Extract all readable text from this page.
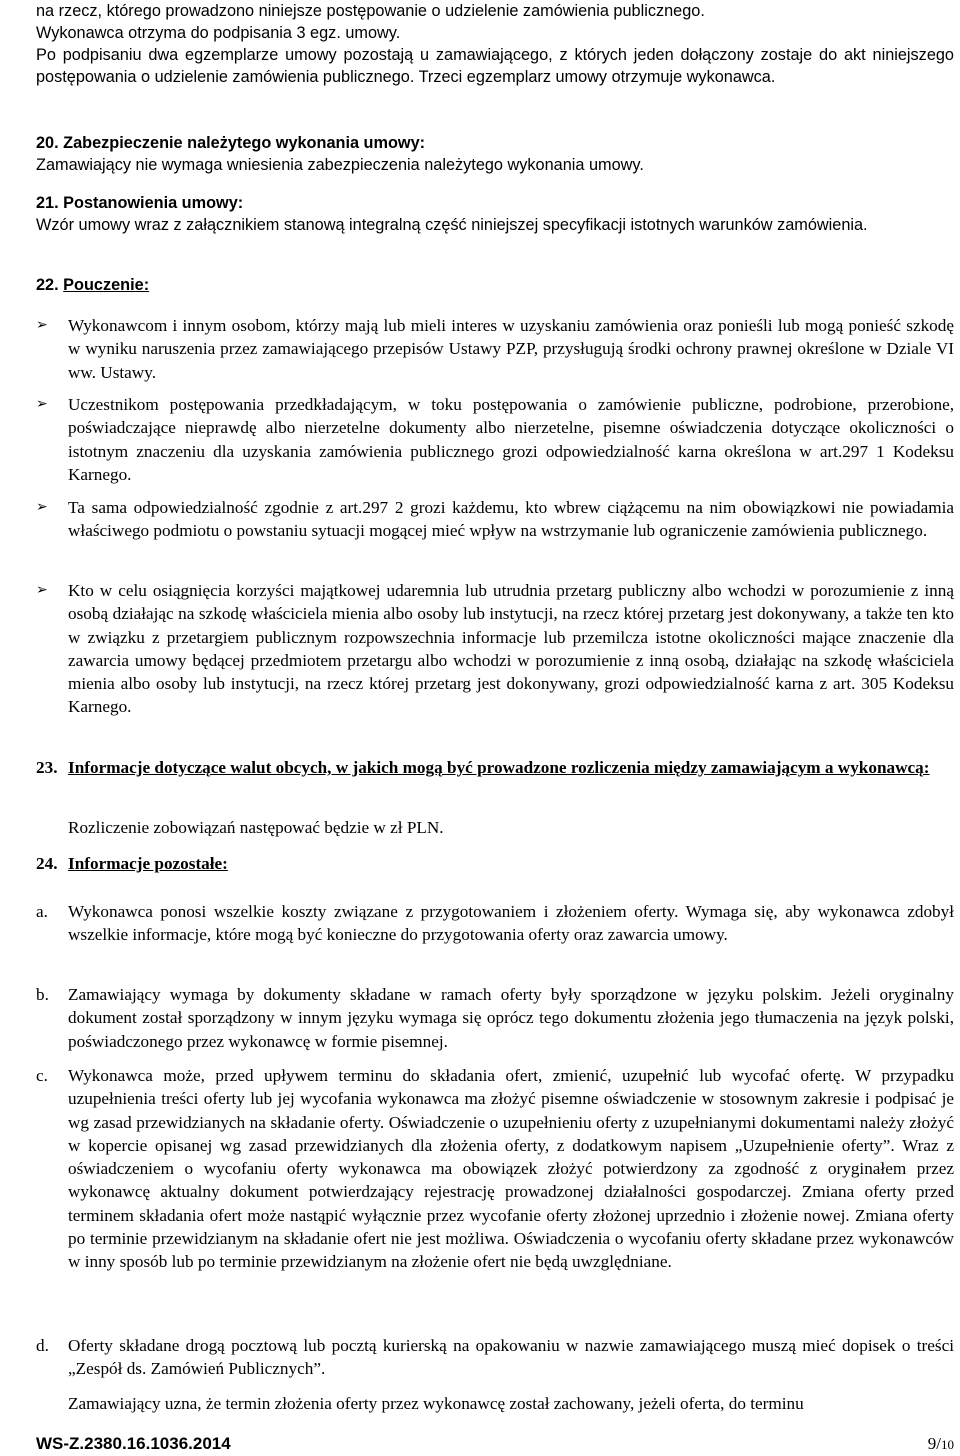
na rzecz, którego prowadzono niniejsze postępowanie o udzielenie zamówienia publicznego.

Wykonawca otrzyma do podpisania 3 egz. umowy.

Po podpisaniu dwa egzemplarze umowy pozostają u zamawiającego, z których jeden dołączony zostaje do akt niniejszego postępowania o udzielenie zamówienia publicznego. Trzeci egzemplarz umowy otrzymuje wykonawca.

20. Zabezpieczenie należytego wykonania umowy:

Zamawiający nie wymaga wniesienia zabezpieczenia należytego wykonania umowy.

21. Postanowienia umowy:

Wzór umowy wraz z załącznikiem stanową integralną część niniejszej specyfikacji istotnych warunków zamówienia.

22. Pouczenie:

➢	Wykonawcom i innym osobom, którzy mają lub mieli interes w uzyskaniu zamówienia oraz ponieśli lub mogą ponieść szkodę w wyniku naruszenia przez zamawiającego przepisów Ustawy PZP, przysługują środki ochrony prawnej określone w Dziale VI ww. Ustawy.

➢	Uczestnikom postępowania przedkładającym, w toku postępowania o zamówienie publiczne, podrobione, przerobione, poświadczające nieprawdę albo nierzetelne dokumenty albo nierzetelne, pisemne oświadczenia dotyczące okoliczności o istotnym znaczeniu dla uzyskania zamówienia publicznego grozi odpowiedzialność karna określona w art.297 1 Kodeksu Karnego.

➢	Ta sama odpowiedzialność zgodnie z art.297 2 grozi każdemu, kto wbrew ciążącemu na nim obowiązkowi nie powiadamia właściwego podmiotu o powstaniu sytuacji mogącej mieć wpływ na wstrzymanie lub ograniczenie zamówienia publicznego.

➢	Kto w celu osiągnięcia korzyści majątkowej udaremnia lub utrudnia przetarg publiczny albo wchodzi w porozumienie z inną osobą działając na szkodę właściciela mienia albo osoby lub instytucji, na rzecz której przetarg jest dokonywany, a także ten kto w związku z przetargiem publicznym rozpowszechnia informacje lub przemilcza istotne okoliczności mające znaczenie dla zawarcia umowy będącej przedmiotem przetargu albo wchodzi w porozumienie z inną osobą, działając na szkodę właściciela mienia albo osoby lub instytucji, na rzecz której przetarg jest dokonywany, grozi odpowiedzialność karna z art. 305 Kodeksu Karnego.

23. Informacje dotyczące walut obcych, w jakich mogą być prowadzone rozliczenia między zamawiającym a wykonawcą:

Rozliczenie zobowiązań następować będzie w zł PLN.

24. Informacje pozostałe:

a. Wykonawca ponosi wszelkie koszty związane z przygotowaniem i złożeniem oferty. Wymaga się, aby wykonawca zdobył wszelkie informacje, które mogą być konieczne do przygotowania oferty oraz zawarcia umowy.

b. Zamawiający wymaga by dokumenty składane w ramach oferty były sporządzone w języku polskim. Jeżeli oryginalny dokument został sporządzony w innym języku wymaga się oprócz tego dokumentu złożenia jego tłumaczenia na język polski, poświadczonego przez wykonawcę w formie pisemnej.

c. Wykonawca może, przed upływem terminu do składania ofert, zmienić, uzupełnić lub wycofać ofertę. W przypadku uzupełnienia treści oferty lub jej wycofania wykonawca ma złożyć pisemne oświadczenie w stosownym zakresie i podpisać je wg zasad przewidzianych na składanie oferty. Oświadczenie o uzupełnieniu oferty z uzupełnianymi dokumentami należy złożyć w kopercie opisanej wg zasad przewidzianych dla złożenia oferty, z dodatkowym napisem „Uzupełnienie oferty”. Wraz z oświadczeniem o wycofaniu oferty wykonawca ma obowiązek złożyć potwierdzony za zgodność z oryginałem przez wykonawcę aktualny dokument potwierdzający rejestrację prowadzonej działalności gospodarczej. Zmiana oferty przed terminem składania ofert może nastąpić wyłącznie przez wycofanie oferty złożonej uprzednio i złożenie nowej. Zmiana oferty po terminie przewidzianym na składanie ofert nie jest możliwa. Oświadczenia o wycofaniu oferty składane przez wykonawców w inny sposób lub po terminie przewidzianym na złożenie ofert nie będą uwzględniane.

d. Oferty składane drogą pocztową lub pocztą kurierską na opakowaniu w nazwie zamawiającego muszą mieć dopisek o treści „Zespół ds. Zamówień Publicznych”.

Zamawiający uzna, że termin złożenia oferty przez wykonawcę został zachowany, jeżeli oferta, do terminu

WS-Z.2380.16.1036.2014	9/10
